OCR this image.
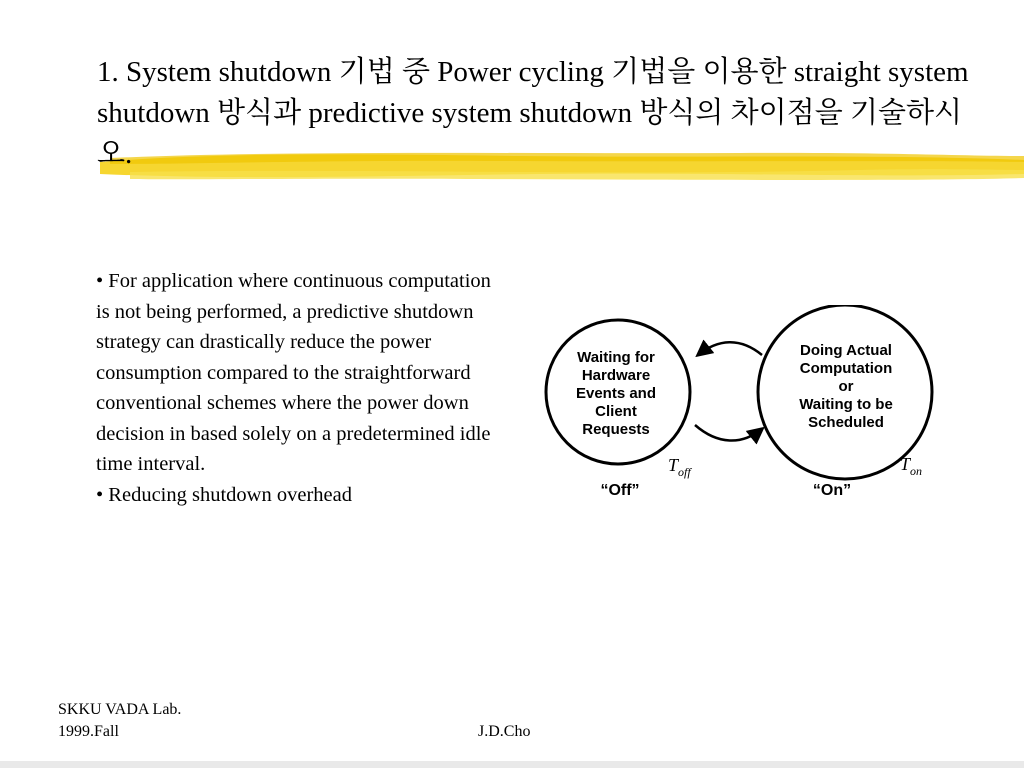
1. System shutdown 기법 중 Power cycling 기법을 이용한 straight system shutdown 방식과 predictive system shutdown 방식의 차이점을 기술하시오.

• For application where continuous computation is not being performed, a predictive shutdown strategy can drastically reduce the power consumption compared to the straightforward conventional schemes where the power down decision in based solely on a predetermined idle time interval.

• Reducing shutdown overhead

Waiting for
Hardware
Events and
Client
Requests
Doing Actual
Computation
or
Waiting to be
Scheduled
$T_{off}$	$T_{on}$
“Off”	“On”
SKKU VADA Lab.
1999.Fall	J.D.Cho
